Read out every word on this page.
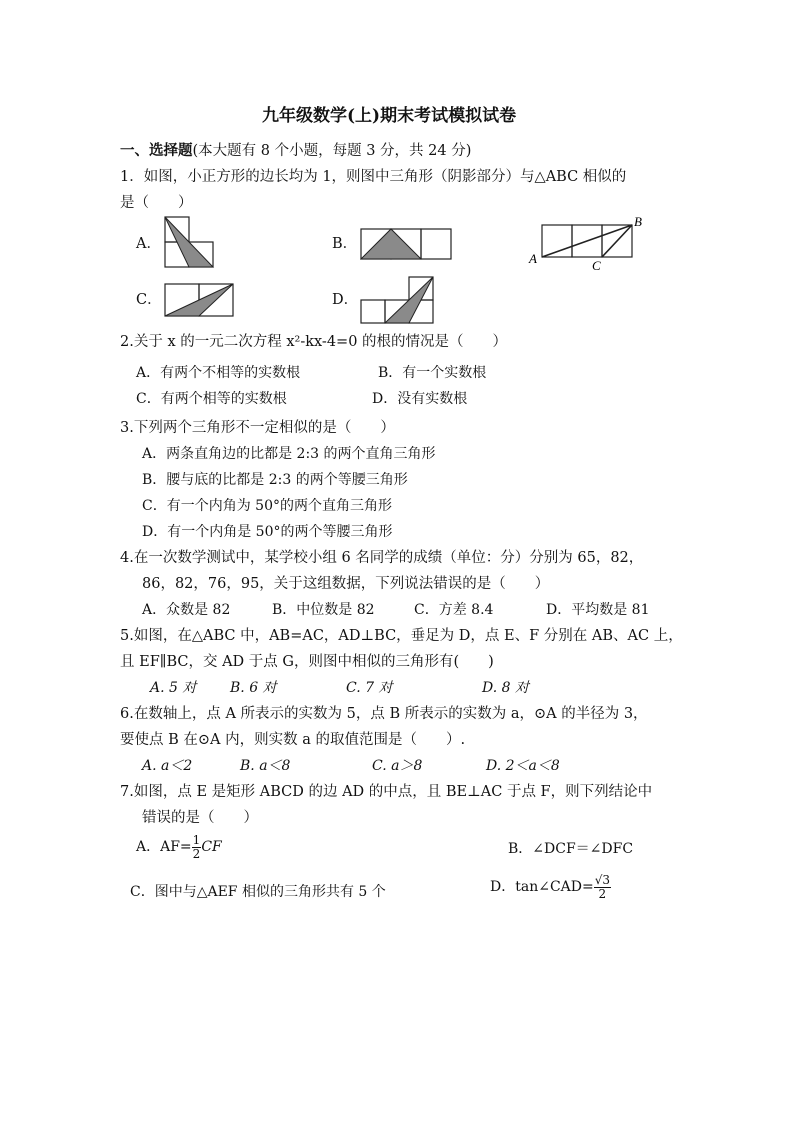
九年级数学(上)期末考试模拟试卷
一、选择题(本大题有 8 个小题，每题 3 分，共 24 分)
1．如图，小正方形的边长均为 1，则图中三角形（阴影部分）与△ABC 相似的
是（　　）
A．	B．
B
A	C
C．	D．
2.关于 x 的一元二次方程 x²-kx-4=0 的根的情况是（　　）
A．有两个不相等的实数根	B．有一个实数根
C．有两个相等的实数根	D．没有实数根
3.下列两个三角形不一定相似的是（　　）
A．两条直角边的比都是 2:3 的两个直角三角形
B．腰与底的比都是 2:3 的两个等腰三角形
C．有一个内角为 50°的两个直角三角形
D．有一个内角是 50°的两个等腰三角形
4.在一次数学测试中，某学校小组 6 名同学的成绩（单位：分）分别为 65，82，
86，82，76，95，关于这组数据，下列说法错误的是（　　）
A．众数是 82	B．中位数是 82	C．方差 8.4	D．平均数是 81
5.如图，在△ABC 中，AB=AC，AD⊥BC，垂足为 D，点 E、F 分别在 AB、AC 上，
且 EF∥BC，交 AD 于点 G，则图中相似的三角形有(　　)
A. 5 对 B. 6 对	C. 7 对	D. 8 对
6.在数轴上，点 A 所表示的实数为 5，点 B 所表示的实数为 a，⊙A 的半径为 3，
要使点 B 在⊙A 内，则实数 a 的取值范围是（　　）.
A. a＜2	B. a＜8	C. a＞8	D. 2＜a＜8
7.如图，点 E 是矩形 ABCD 的边 AD 的中点，且 BE⊥AC 于点 F，则下列结论中
错误的是（　　）
A．$AF= \frac{1}{2}$ CF	B．∠DCF＝∠DFC
C．图中与△AEF 相似的三角形共有 5 个	D．tan∠CAD= $\frac{√3}{2}$
